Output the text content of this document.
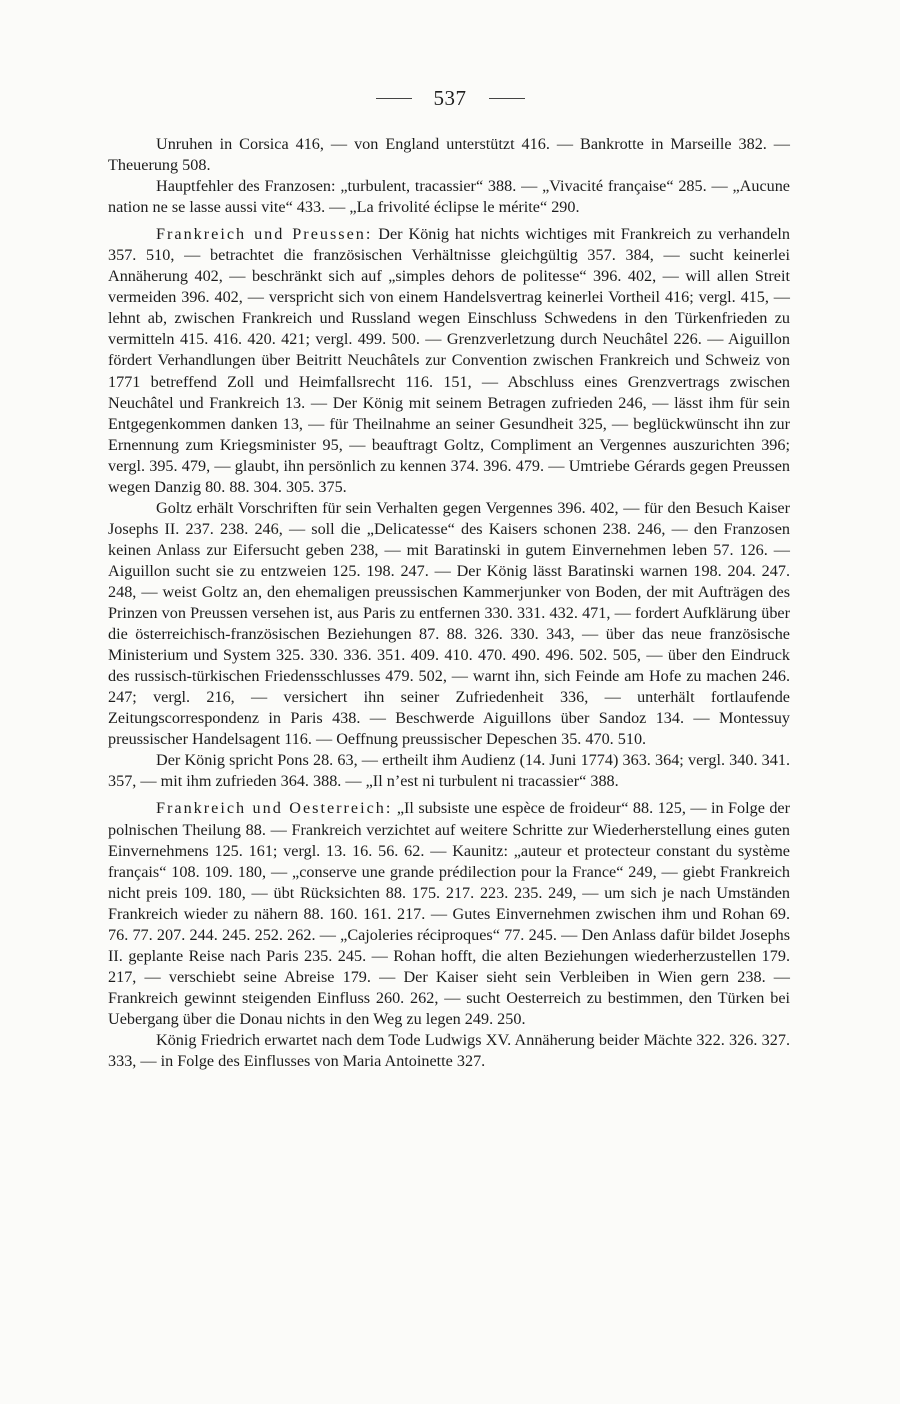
537

Unruhen in Corsica 416, — von England unterstützt 416. — Bankrotte in Marseille 382. — Theuerung 508.

Hauptfehler des Franzosen: „turbulent, tracassier“ 388. — „Vivacité française“ 285. — „Aucune nation ne se lasse aussi vite“ 433. — „La frivolité éclipse le mérite“ 290.

Frankreich und Preussen: Der König hat nichts wichtiges mit Frankreich zu verhandeln 357. 510, — betrachtet die französischen Verhältnisse gleichgültig 357. 384, — sucht keinerlei Annäherung 402, — beschränkt sich auf „simples dehors de politesse“ 396. 402, — will allen Streit vermeiden 396. 402, — verspricht sich von einem Handelsvertrag keinerlei Vortheil 416; vergl. 415, — lehnt ab, zwischen Frankreich und Russland wegen Einschluss Schwedens in den Türkenfrieden zu vermitteln 415. 416. 420. 421; vergl. 499. 500. — Grenzverletzung durch Neuchâtel 226. — Aiguillon fördert Verhandlungen über Beitritt Neuchâtels zur Convention zwischen Frankreich und Schweiz von 1771 betreffend Zoll und Heimfallsrecht 116. 151, — Abschluss eines Grenzvertrags zwischen Neuchâtel und Frankreich 13. — Der König mit seinem Betragen zufrieden 246, — lässt ihm für sein Entgegenkommen danken 13, — für Theilnahme an seiner Gesundheit 325, — beglückwünscht ihn zur Ernennung zum Kriegsminister 95, — beauftragt Goltz, Compliment an Vergennes auszurichten 396; vergl. 395. 479, — glaubt, ihn persönlich zu kennen 374. 396. 479. — Umtriebe Gérards gegen Preussen wegen Danzig 80. 88. 304. 305. 375.

Goltz erhält Vorschriften für sein Verhalten gegen Vergennes 396. 402, — für den Besuch Kaiser Josephs II. 237. 238. 246, — soll die „Delicatesse“ des Kaisers schonen 238. 246, — den Franzosen keinen Anlass zur Eifersucht geben 238, — mit Baratinski in gutem Einvernehmen leben 57. 126. — Aiguillon sucht sie zu entzweien 125. 198. 247. — Der König lässt Baratinski warnen 198. 204. 247. 248, — weist Goltz an, den ehemaligen preussischen Kammerjunker von Boden, der mit Aufträgen des Prinzen von Preussen versehen ist, aus Paris zu entfernen 330. 331. 432. 471, — fordert Aufklärung über die österreichisch-französischen Beziehungen 87. 88. 326. 330. 343, — über das neue französische Ministerium und System 325. 330. 336. 351. 409. 410. 470. 490. 496. 502. 505, — über den Eindruck des russisch-türkischen Friedensschlusses 479. 502, — warnt ihn, sich Feinde am Hofe zu machen 246. 247; vergl. 216, — versichert ihn seiner Zufriedenheit 336, — unterhält fortlaufende Zeitungscorrespondenz in Paris 438. — Beschwerde Aiguillons über Sandoz 134. — Montessuy preussischer Handelsagent 116. — Oeffnung preussischer Depeschen 35. 470. 510.

Der König spricht Pons 28. 63, — ertheilt ihm Audienz (14. Juni 1774) 363. 364; vergl. 340. 341. 357, — mit ihm zufrieden 364. 388. — „Il n’est ni turbulent ni tracassier“ 388.

Frankreich und Oesterreich: „Il subsiste une espèce de froideur“ 88. 125, — in Folge der polnischen Theilung 88. — Frankreich verzichtet auf weitere Schritte zur Wiederherstellung eines guten Einvernehmens 125. 161; vergl. 13. 16. 56. 62. — Kaunitz: „auteur et protecteur constant du système français“ 108. 109. 180, — „conserve une grande prédilection pour la France“ 249, — giebt Frankreich nicht preis 109. 180, — übt Rücksichten 88. 175. 217. 223. 235. 249, — um sich je nach Umständen Frankreich wieder zu nähern 88. 160. 161. 217. — Gutes Einvernehmen zwischen ihm und Rohan 69. 76. 77. 207. 244. 245. 252. 262. — „Cajoleries réciproques“ 77. 245. — Den Anlass dafür bildet Josephs II. geplante Reise nach Paris 235. 245. — Rohan hofft, die alten Beziehungen wiederherzustellen 179. 217, — verschiebt seine Abreise 179. — Der Kaiser sieht sein Verbleiben in Wien gern 238. — Frankreich gewinnt steigenden Einfluss 260. 262, — sucht Oesterreich zu bestimmen, den Türken bei Uebergang über die Donau nichts in den Weg zu legen 249. 250.

König Friedrich erwartet nach dem Tode Ludwigs XV. Annäherung beider Mächte 322. 326. 327. 333, — in Folge des Einflusses von Maria Antoinette 327.
